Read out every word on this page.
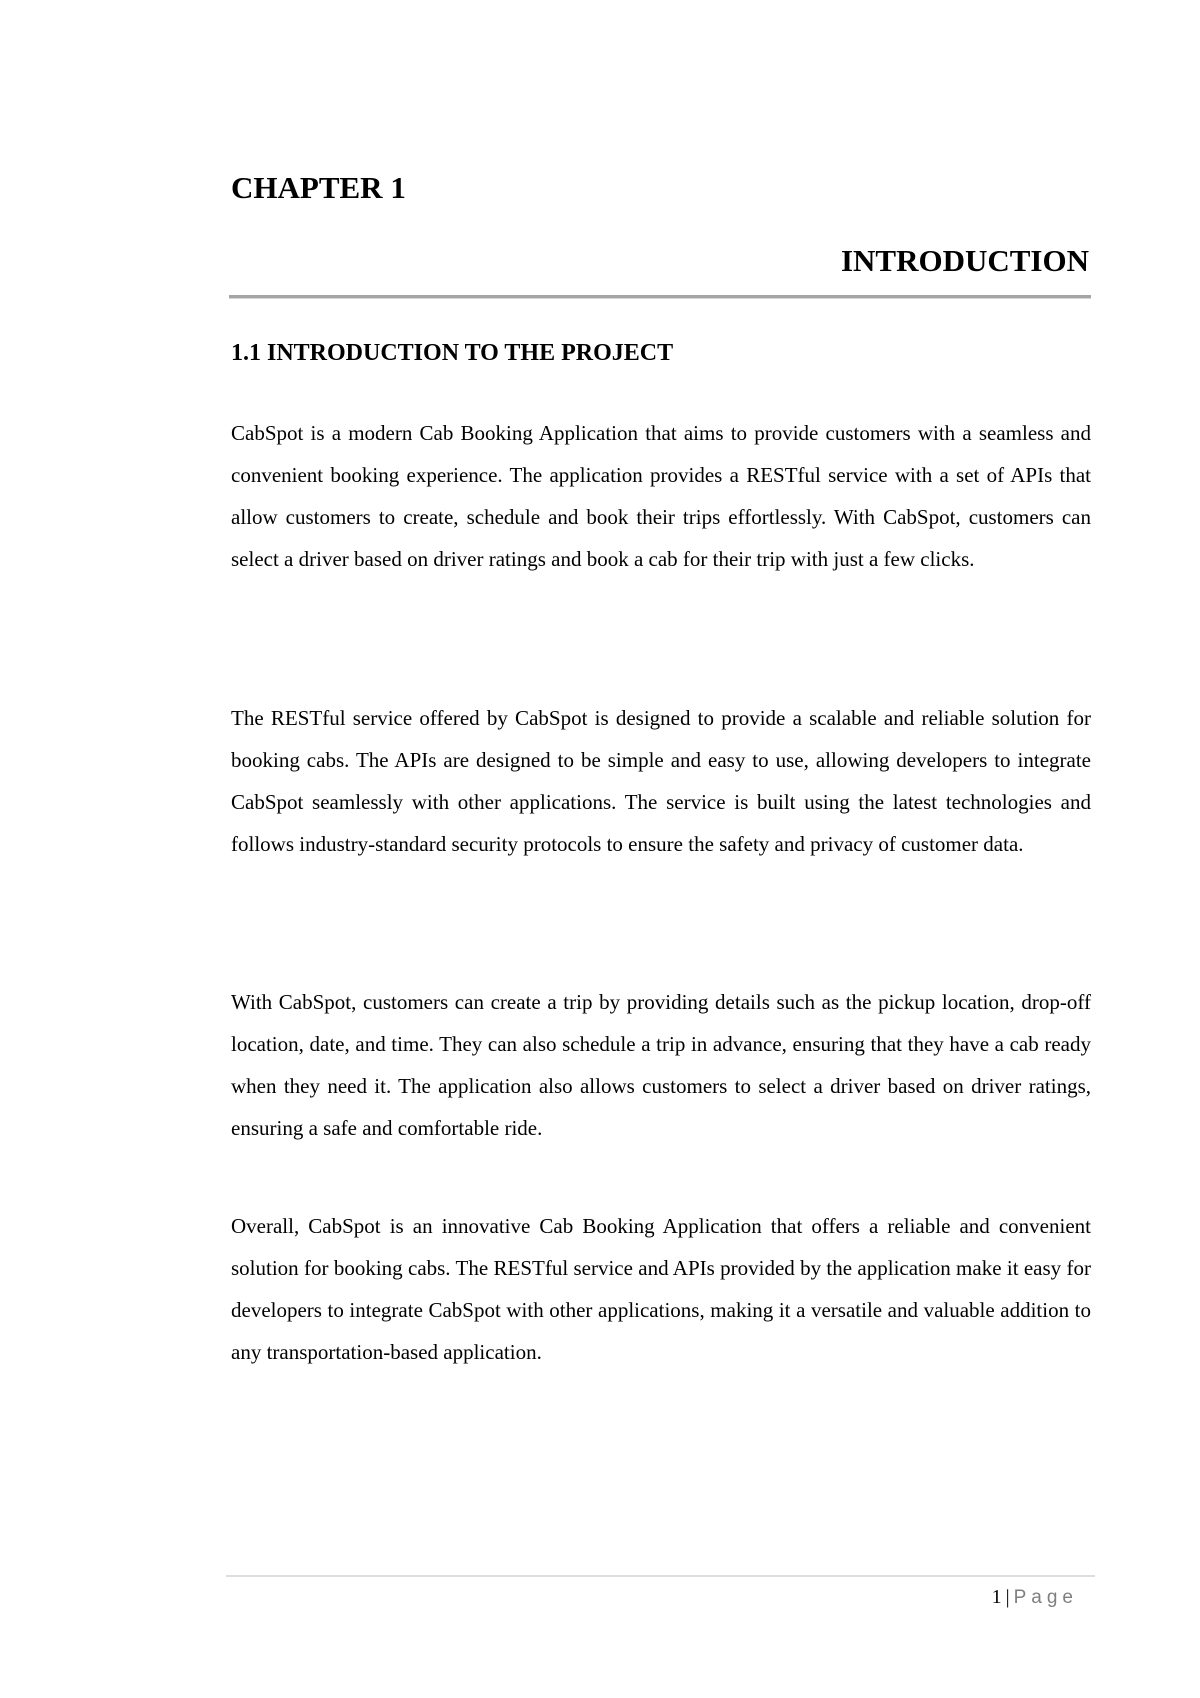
CHAPTER 1
INTRODUCTION
1.1 INTRODUCTION TO THE PROJECT

CabSpot is a modern Cab Booking Application that aims to provide customers with a seamless and convenient booking experience. The application provides a RESTful service with a set of APIs that allow customers to create, schedule and book their trips effortlessly. With CabSpot, customers can select a driver based on driver ratings and book a cab for their trip with just a few clicks.

The RESTful service offered by CabSpot is designed to provide a scalable and reliable solution for booking cabs. The APIs are designed to be simple and easy to use, allowing developers to integrate CabSpot seamlessly with other applications. The service is built using the latest technologies and follows industry-standard security protocols to ensure the safety and privacy of customer data.

With CabSpot, customers can create a trip by providing details such as the pickup location, drop-off location, date, and time. They can also schedule a trip in advance, ensuring that they have a cab ready when they need it. The application also allows customers to select a driver based on driver ratings, ensuring a safe and comfortable ride.

Overall, CabSpot is an innovative Cab Booking Application that offers a reliable and convenient solution for booking cabs. The RESTful service and APIs provided by the application make it easy for developers to integrate CabSpot with other applications, making it a versatile and valuable addition to any transportation-based application.

1 | Page
